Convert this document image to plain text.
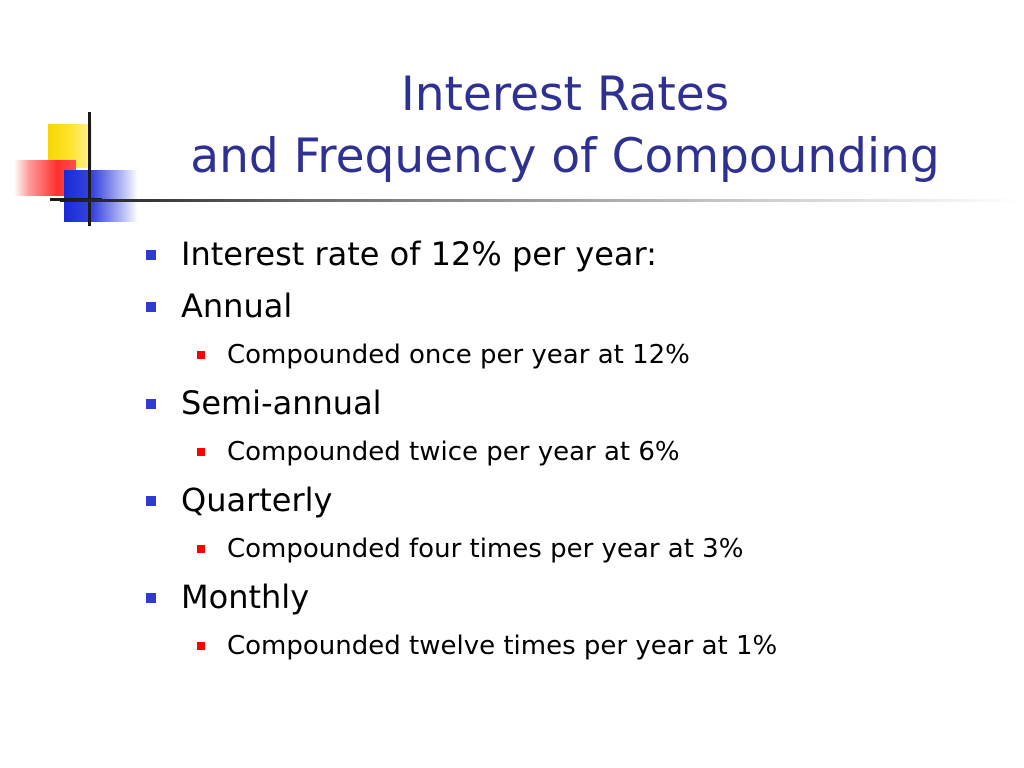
Interest Rates
and Frequency of Compounding
Interest rate of 12% per year:
Annual
Compounded once per year at 12%
Semi-annual
Compounded twice per year at 6%
Quarterly
Compounded four times per year at 3%
Monthly
Compounded twelve times per year at 1%
